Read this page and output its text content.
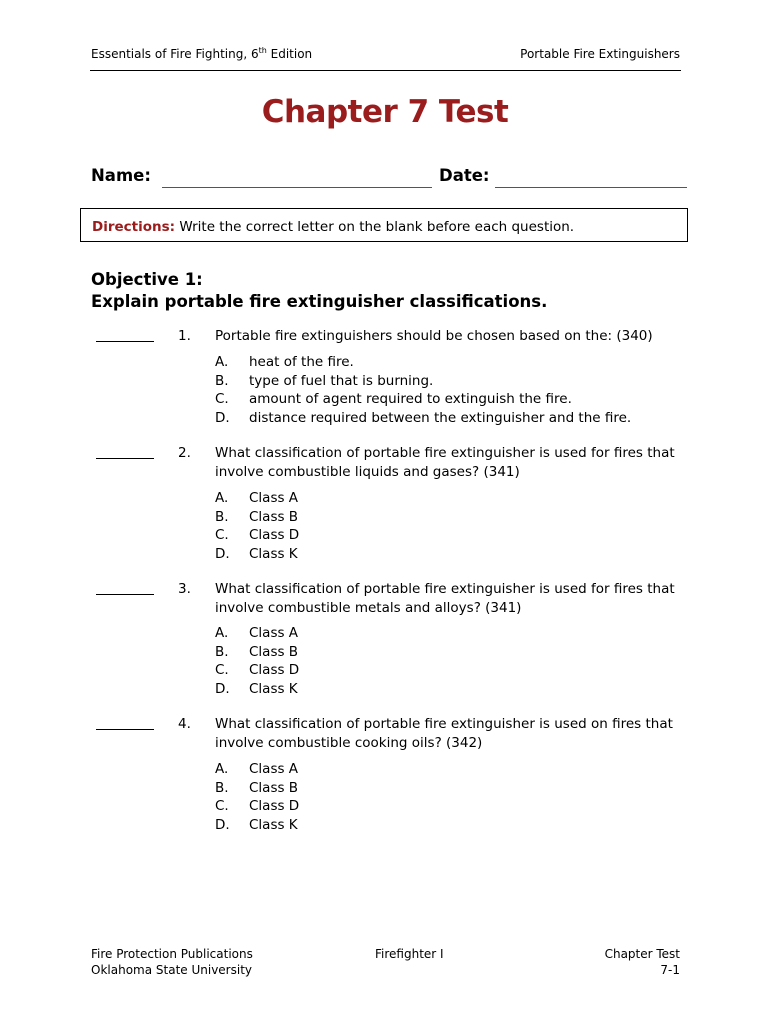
Essentials of Fire Fighting, 6th Edition	Portable Fire Extinguishers
Chapter 7 Test
Name:	Date:
Directions: Write the correct letter on the blank before each question.
Objective 1:
Explain portable fire extinguisher classifications.
1. Portable fire extinguishers should be chosen based on the: (340)
A. heat of the fire.
B. type of fuel that is burning.
C. amount of agent required to extinguish the fire.
D. distance required between the extinguisher and the fire.
2. What classification of portable fire extinguisher is used for fires that involve combustible liquids and gases? (341)
A. Class A
B. Class B
C. Class D
D. Class K
3. What classification of portable fire extinguisher is used for fires that involve combustible metals and alloys? (341)
A. Class A
B. Class B
C. Class D
D. Class K
4. What classification of portable fire extinguisher is used on fires that involve combustible cooking oils? (342)
A. Class A
B. Class B
C. Class D
D. Class K
Fire Protection Publications
Oklahoma State University
Firefighter I	Chapter Test
7-1
